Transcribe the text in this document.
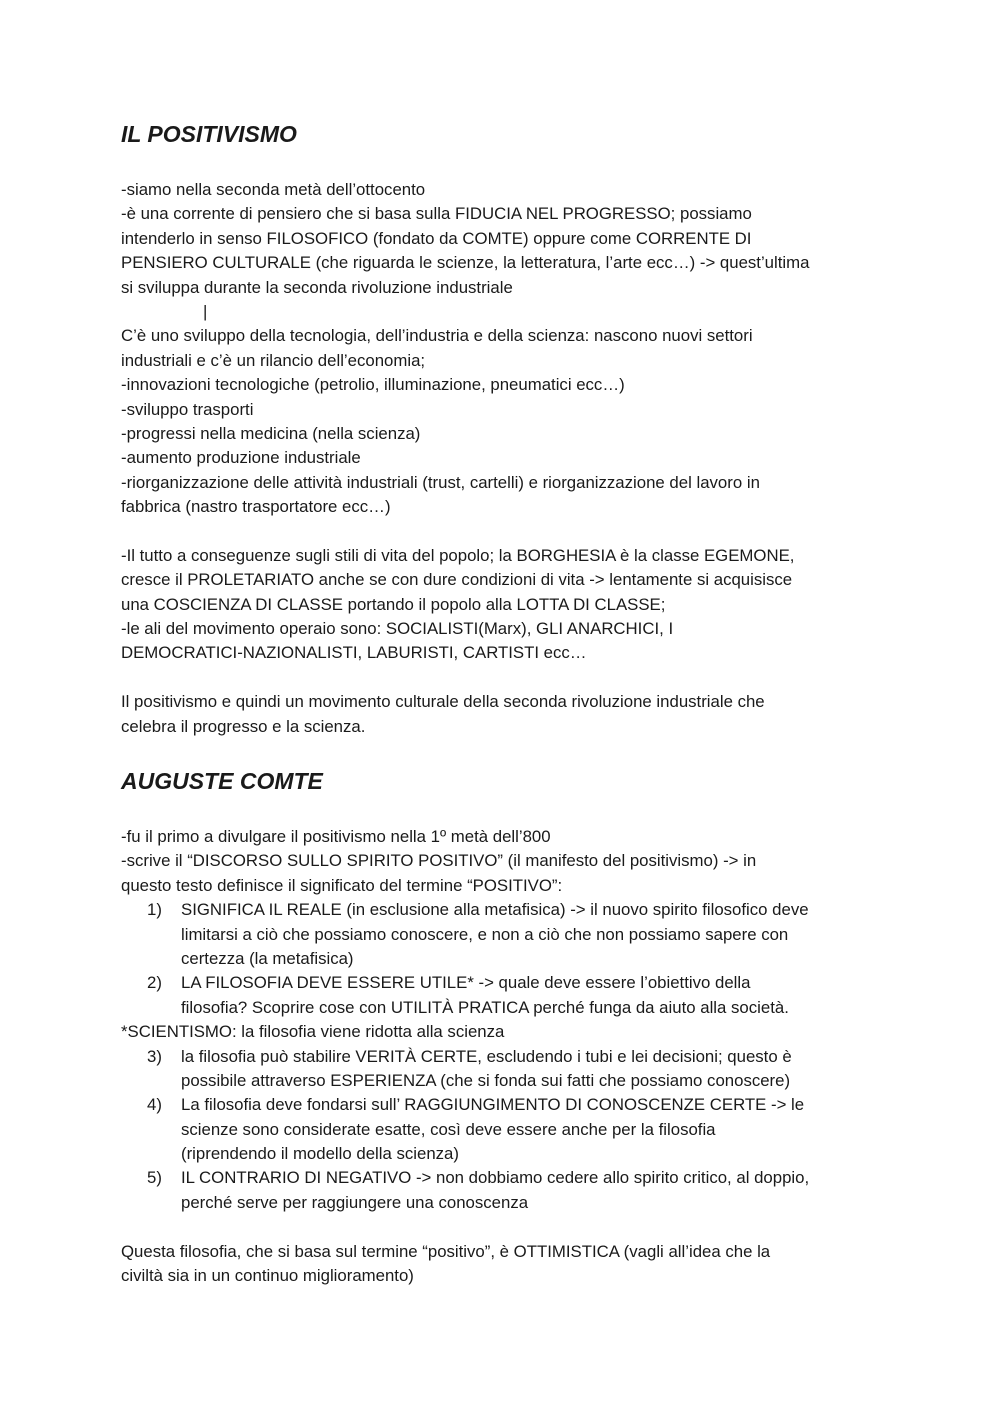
IL POSITIVISMO

-siamo nella seconda metà dell’ottocento

-è una corrente di pensiero che si basa sulla FIDUCIA NEL PROGRESSO; possiamo

intenderlo in senso FILOSOFICO (fondato da COMTE) oppure come CORRENTE DI

PENSIERO CULTURALE (che riguarda le scienze, la letteratura, l’arte ecc…) -> quest’ultima

si sviluppa durante la seconda rivoluzione industriale

|

C’è uno sviluppo della tecnologia, dell’industria e della scienza: nascono nuovi settori

industriali e c’è un rilancio dell’economia;

-innovazioni tecnologiche (petrolio, illuminazione, pneumatici ecc…)

-sviluppo trasporti

-progressi nella medicina (nella scienza)

-aumento produzione industriale

-riorganizzazione delle attività industriali (trust, cartelli) e riorganizzazione del lavoro in

fabbrica (nastro trasportatore ecc…)

-Il tutto a conseguenze sugli stili di vita del popolo; la BORGHESIA è la classe EGEMONE,

cresce il PROLETARIATO anche se con dure condizioni di vita -> lentamente si acquisisce

una COSCIENZA DI CLASSE portando il popolo alla LOTTA DI CLASSE;

-le ali del movimento operaio sono: SOCIALISTI(Marx), GLI ANARCHICI, I

DEMOCRATICI-NAZIONALISTI, LABURISTI, CARTISTI ecc…

Il positivismo e quindi un movimento culturale della seconda rivoluzione industriale che

celebra il progresso e la scienza.

AUGUSTE COMTE

-fu il primo a divulgare il positivismo nella 1º metà dell’800

-scrive il “DISCORSO SULLO SPIRITO POSITIVO” (il manifesto del positivismo) -> in

questo testo definisce il significato del termine “POSITIVO”:

1)	SIGNIFICA IL REALE (in esclusione alla metafisica) -> il nuovo spirito filosofico deve

limitarsi a ciò che possiamo conoscere, e non a ciò che non possiamo sapere con

certezza (la metafisica)

2)	LA FILOSOFIA DEVE ESSERE UTILE* -> quale deve essere l’obiettivo della

filosofia? Scoprire cose con UTILITÀ PRATICA perché funga da aiuto alla società.

*SCIENTISMO: la filosofia viene ridotta alla scienza

3)	la filosofia può stabilire VERITÀ CERTE, escludendo i tubi e lei decisioni; questo è

possibile attraverso ESPERIENZA (che si fonda sui fatti che possiamo conoscere)

4)	La filosofia deve fondarsi sull’ RAGGIUNGIMENTO DI CONOSCENZE CERTE -> le

scienze sono considerate esatte, così deve essere anche per la filosofia

(riprendendo il modello della scienza)

5)	IL CONTRARIO DI NEGATIVO -> non dobbiamo cedere allo spirito critico, al doppio,

perché serve per raggiungere una conoscenza

Questa filosofia, che si basa sul termine “positivo”, è OTTIMISTICA (vagli all’idea che la

civiltà sia in un continuo miglioramento)
